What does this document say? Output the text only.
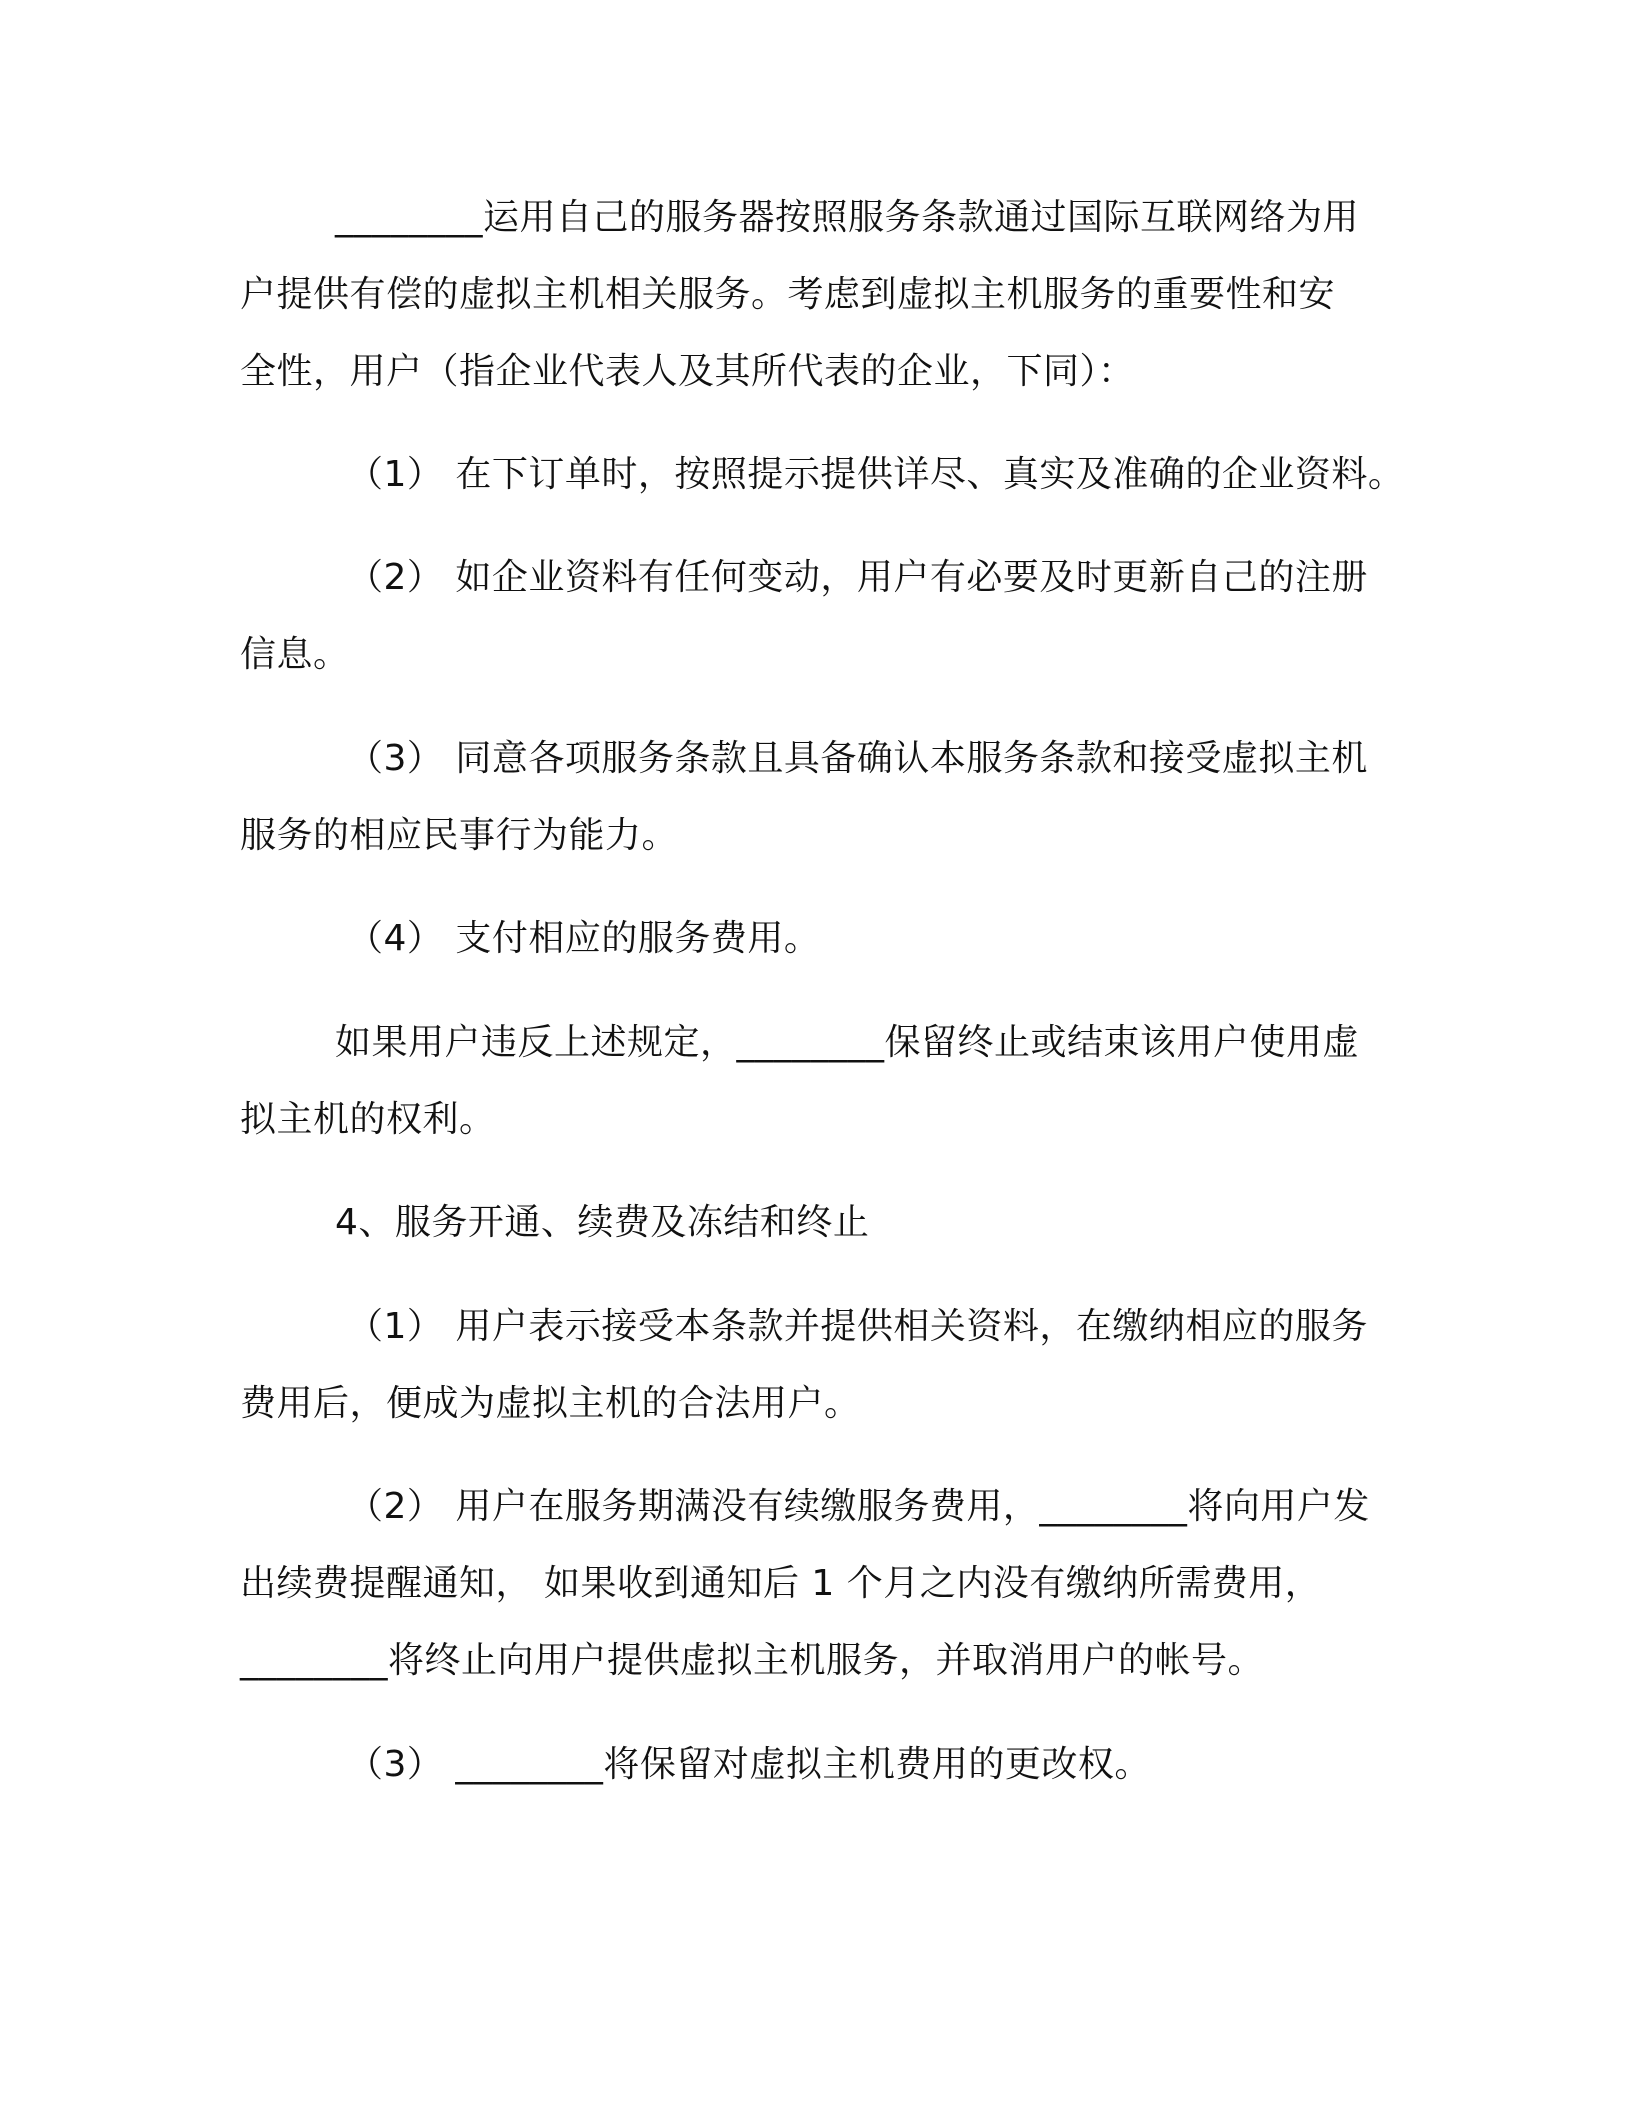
________运用自己的服务器按照服务条款通过国际互联网络为用
户提供有偿的虚拟主机相关服务。考虑到虚拟主机服务的重要性和安
全性，用户（指企业代表人及其所代表的企业，下同）：
（1） 在下订单时，按照提示提供详尽、真实及准确的企业资料。
（2） 如企业资料有任何变动，用户有必要及时更新自己的注册
信息。
（3） 同意各项服务条款且具备确认本服务条款和接受虚拟主机
服务的相应民事行为能力。
（4） 支付相应的服务费用。
如果用户违反上述规定，________保留终止或结束该用户使用虚
拟主机的权利。
4、服务开通、续费及冻结和终止
（1） 用户表示接受本条款并提供相关资料，在缴纳相应的服务
费用后，便成为虚拟主机的合法用户。
（2） 用户在服务期满没有续缴服务费用，________将向用户发
出续费提醒通知， 如果收到通知后 1 个月之内没有缴纳所需费用，
________将终止向用户提供虚拟主机服务，并取消用户的帐号。
（3） ________将保留对虚拟主机费用的更改权。
